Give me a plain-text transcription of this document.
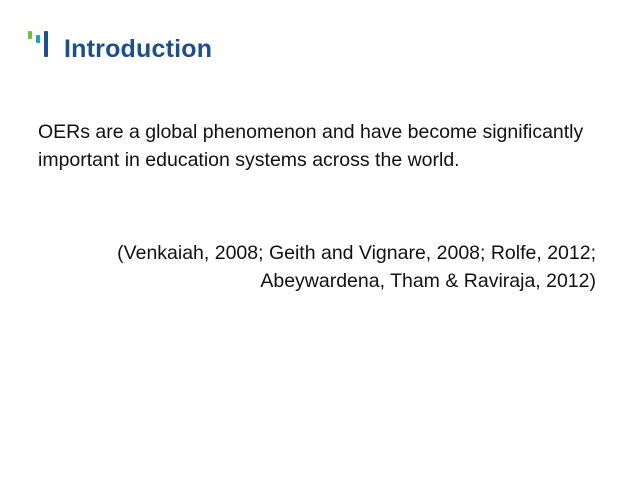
Introduction

OERs are a global phenomenon and have become significantly important in education systems across the world.

(Venkaiah, 2008; Geith and Vignare, 2008; Rolfe, 2012;
Abeywardena, Tham & Raviraja, 2012)
